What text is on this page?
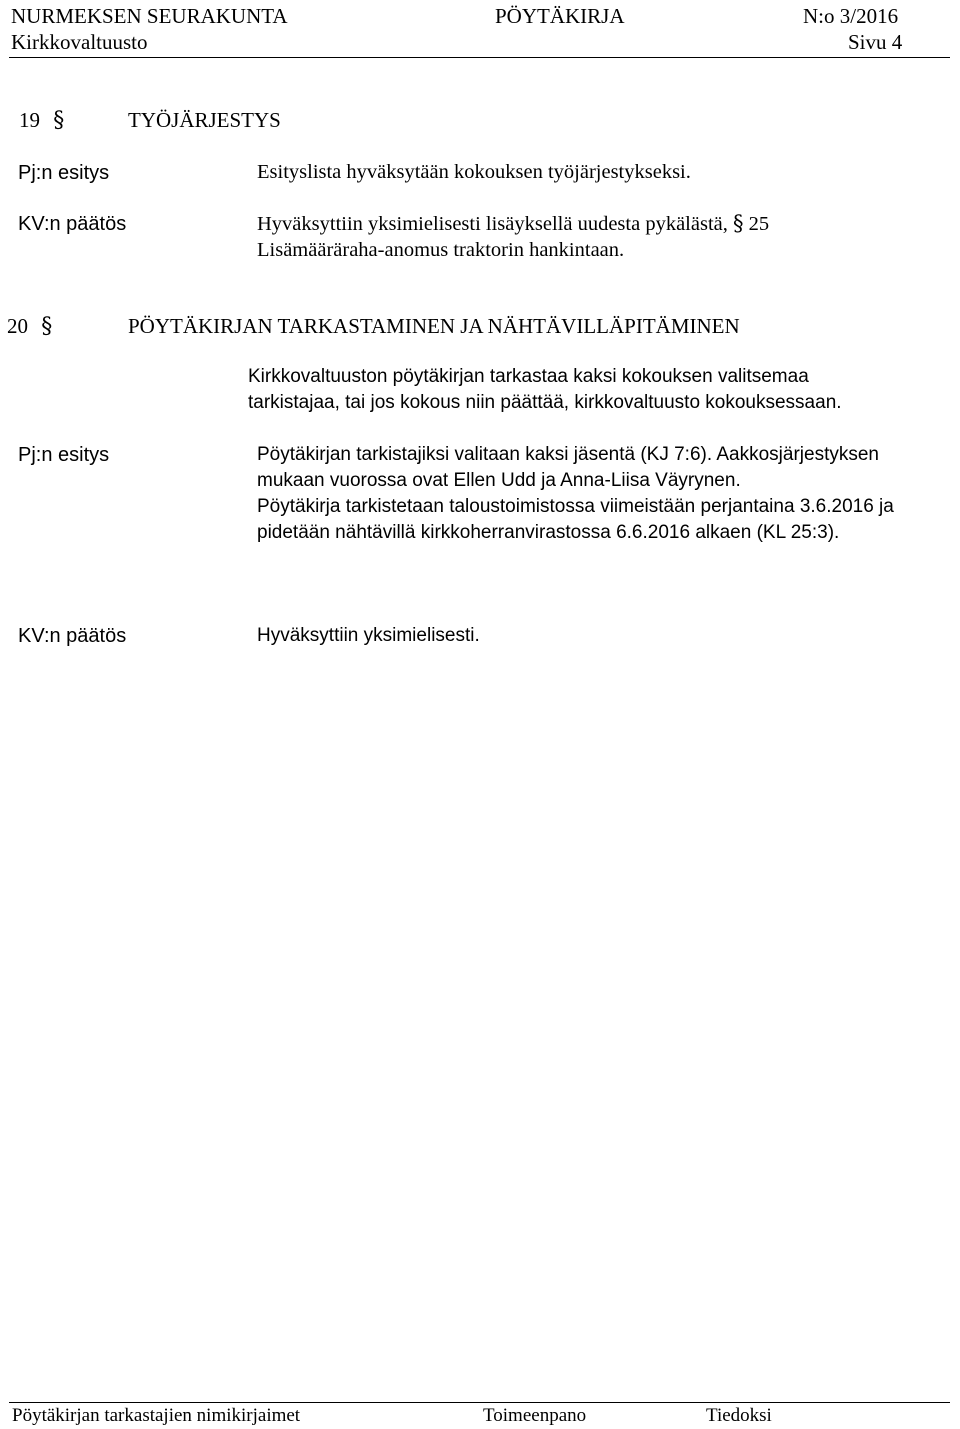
NURMEKSEN SEURAKUNTA	PÖYTÄKIRJA	N:o 3/2016
Kirkkovaltuusto	Sivu 4
19 §	TYÖJÄRJESTYS
Pj:n esitys	Esityslista hyväksytään kokouksen työjärjestykseksi.
KV:n päätös	Hyväksyttiin yksimielisesti lisäyksellä uudesta pykälästä, § 25
Lisämääräraha-anomus traktorin hankintaan.
20 §	PÖYTÄKIRJAN TARKASTAMINEN JA NÄHTÄVILLÄPITÄMINEN
Kirkkovaltuuston pöytäkirjan tarkastaa kaksi kokouksen valitsemaa
tarkistajaa, tai jos kokous niin päättää, kirkkovaltuusto kokouksessaan.
Pj:n esitys	Pöytäkirjan tarkistajiksi valitaan kaksi jäsentä (KJ 7:6). Aakkosjärjestyksen
mukaan vuorossa ovat Ellen Udd ja Anna-Liisa Väyrynen.
Pöytäkirja tarkistetaan taloustoimistossa viimeistään perjantaina 3.6.2016 ja
pidetään nähtävillä kirkkoherranvirastossa 6.6.2016 alkaen (KL 25:3).
KV:n päätös	Hyväksyttiin yksimielisesti.
Pöytäkirjan tarkastajien nimikirjaimet	Toimeenpano	Tiedoksi
